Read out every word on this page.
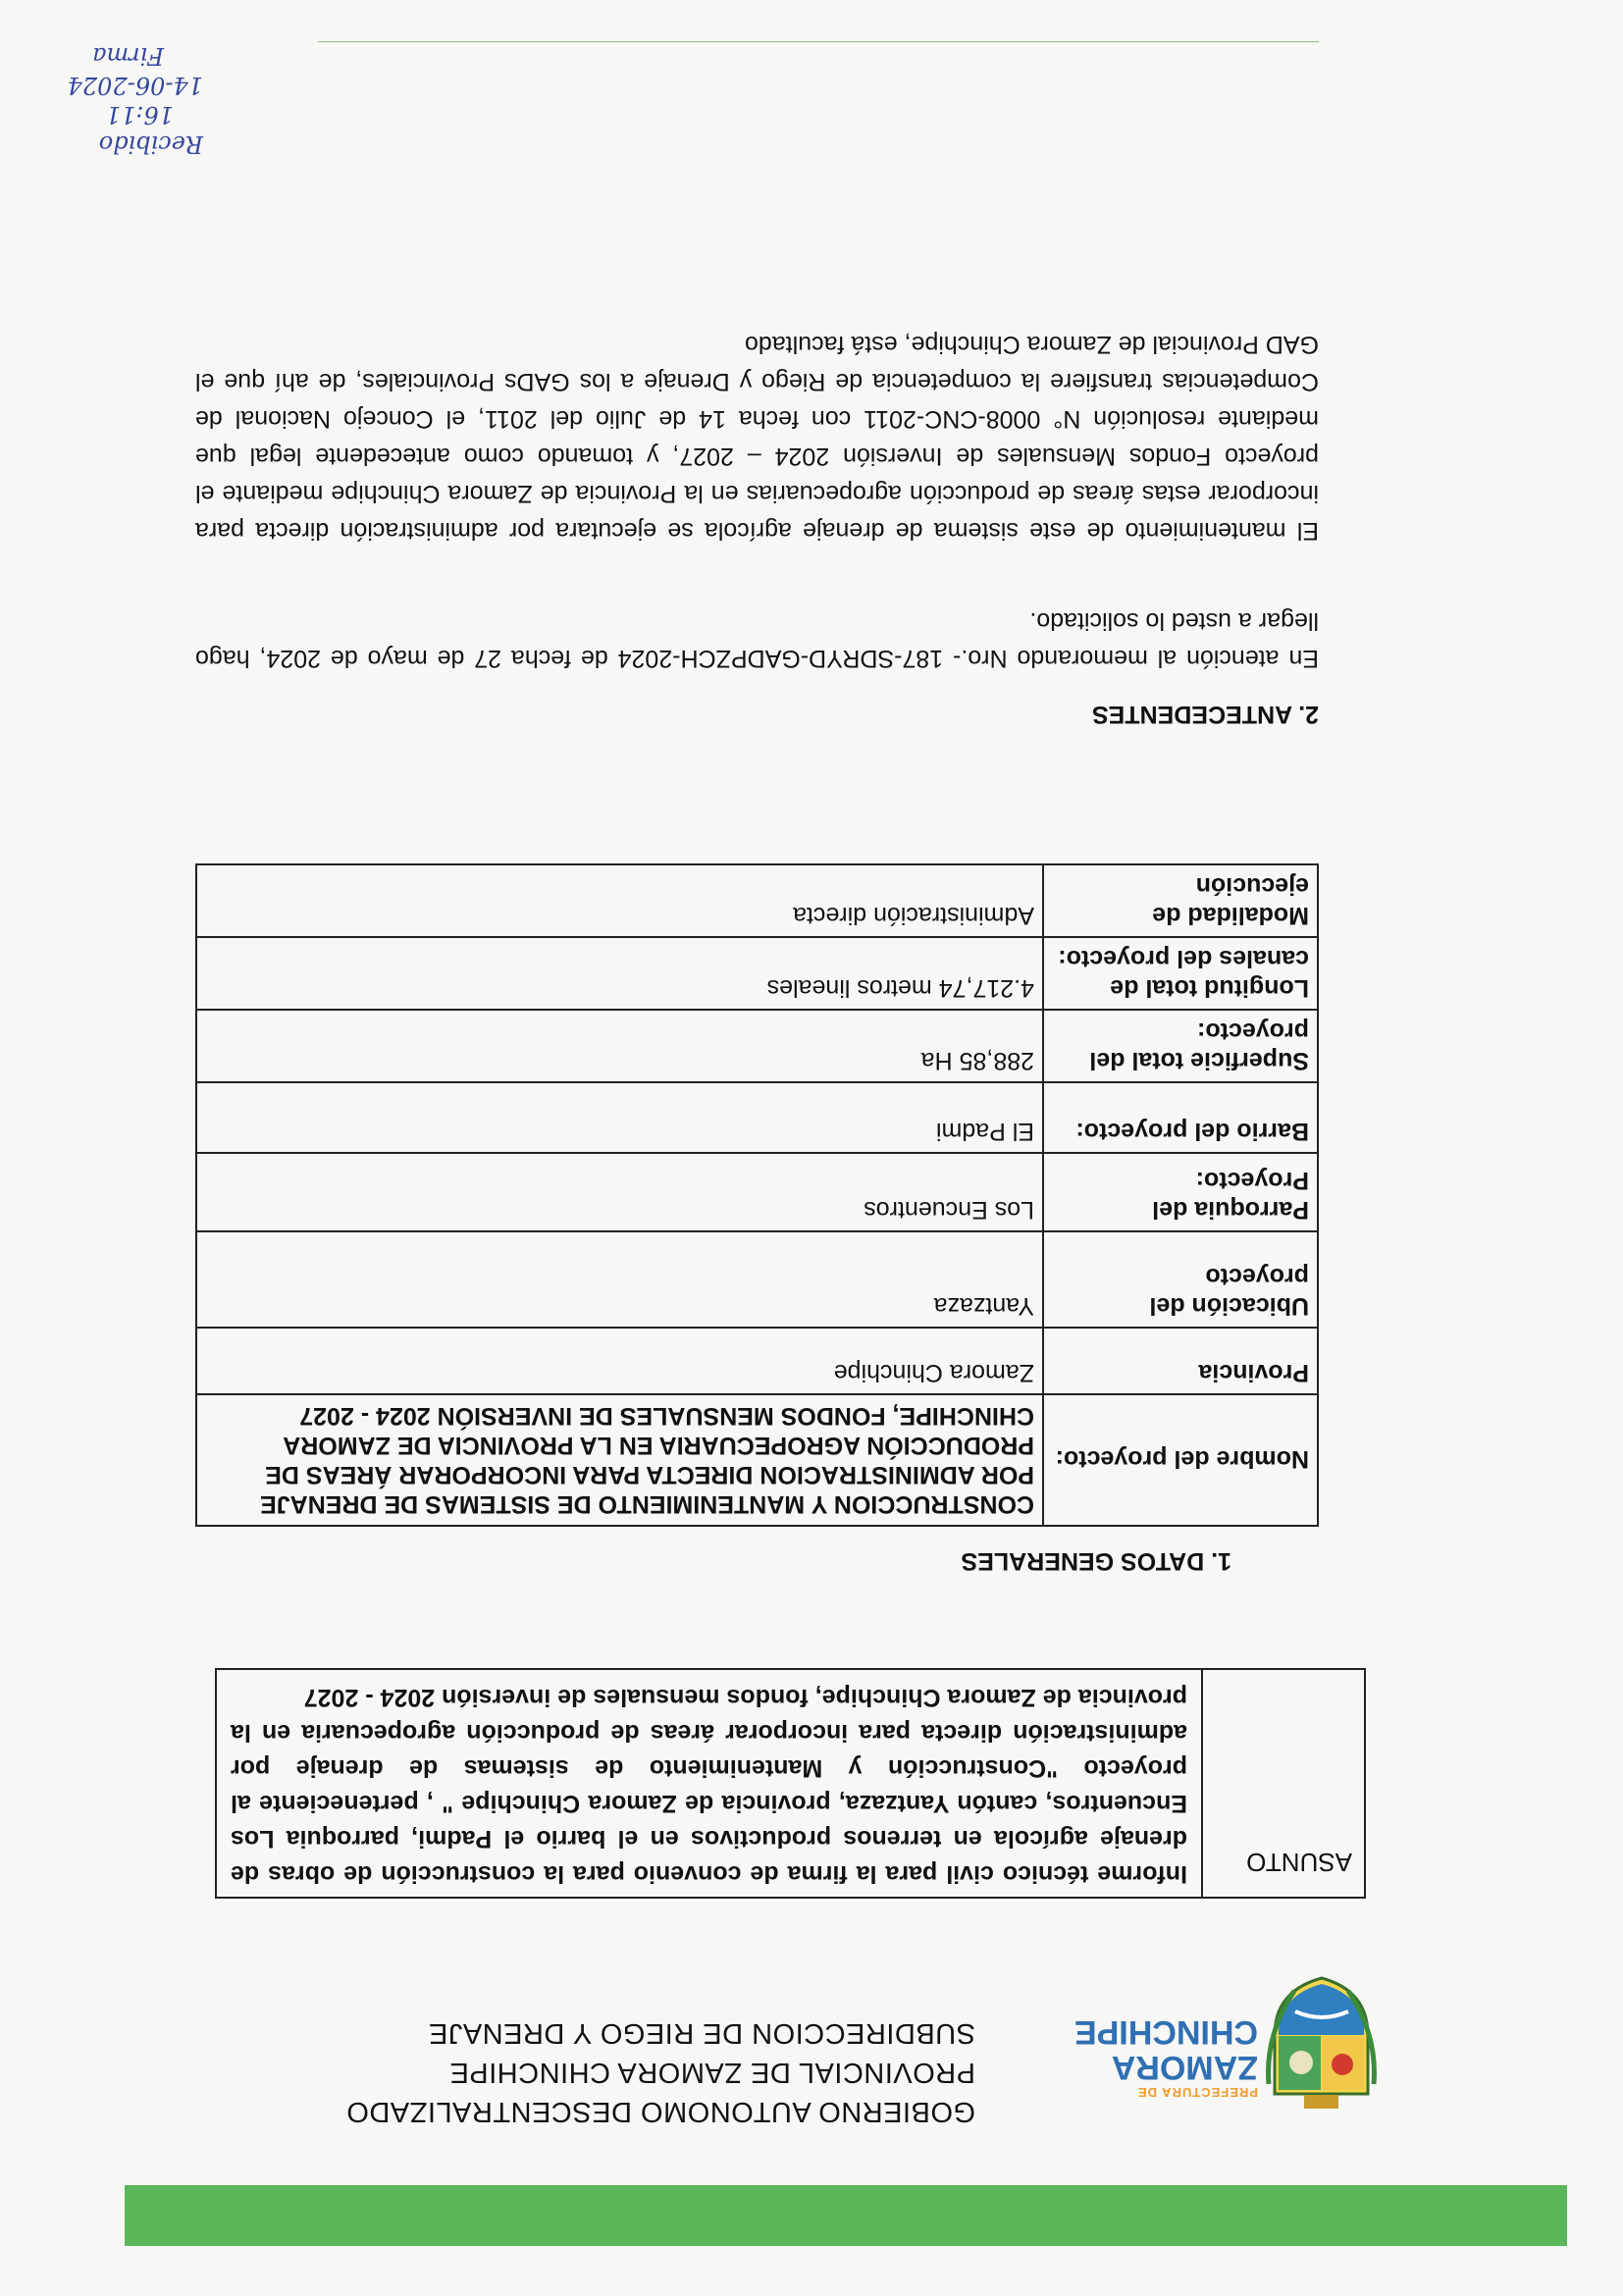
PREFECTURA DE
ZAMORA
CHINCHIPE
GOBIERNO AUTONOMO DESCENTRALIZADO
PROVINCIAL DE ZAMORA CHINCHIPE
SUBDIRECCION DE RIEGO Y DRENAJE
ASUNTO	Informe técnico civil para la firma de convenio para la construcción de obras de drenaje agrícola en terrenos productivos en el barrio el Padmi, parroquia Los Encuentros, cantón Yantzaza, provincia de Zamora Chinchipe " , perteneciente al proyecto "Construcción y Mantenimiento de sistemas de drenaje por administración directa para incorporar áreas de producción agropecuaria en la provincia de Zamora Chinchipe, fondos mensuales de inversión 2024 - 2027
1. DATOS GENERALES
Nombre del proyecto:	CONSTRUCCION Y MANTENIMIENTO DE SISTEMAS DE DRENAJE POR ADMINISTRACION DIRECTA PARA INCORPORAR ÁREAS DE PRODUCCIÓN AGROPECUARIA EN LA PROVINCIA DE ZAMORA CHINCHIPE, FONDOS MENSUALES DE INVERSIÓN 2024 - 2027
Provincia	Zamora Chinchipe
Ubicación del proyecto	Yantzaza
Parroquia del Proyecto:	Los Encuentros
Barrio del proyecto:	El Padmi
Superficie total del proyecto:	288,85 Ha
Longitud total de canales del proyecto:	4.217,74 metros lineales
Modalidad de ejecución	Administración directa
2. ANTECEDENTES
En atención al memorando Nro.- 187-SDRYD-GADPZCH-2024 de fecha 27 de mayo de 2024, hago llegar a usted lo solicitado.
El mantenimiento de este sistema de drenaje agrícola se ejecutara por administración directa para incorporar estas áreas de producción agropecuarias en la Provincia de Zamora Chinchipe mediante el proyecto Fondos Mensuales de Inversión 2024 – 2027, y tomando como antecedente legal que mediante resolución N° 0008-CNC-2011 con fecha 14 de Julio del 2011, el Concejo Nacional de Competencias transfiere la competencia de Riego y Drenaje a los GADs Provinciales, de ahí que el GAD Provincial de Zamora Chinchipe, está facultado
Recibido
16:11
14-06-2024
Firma
